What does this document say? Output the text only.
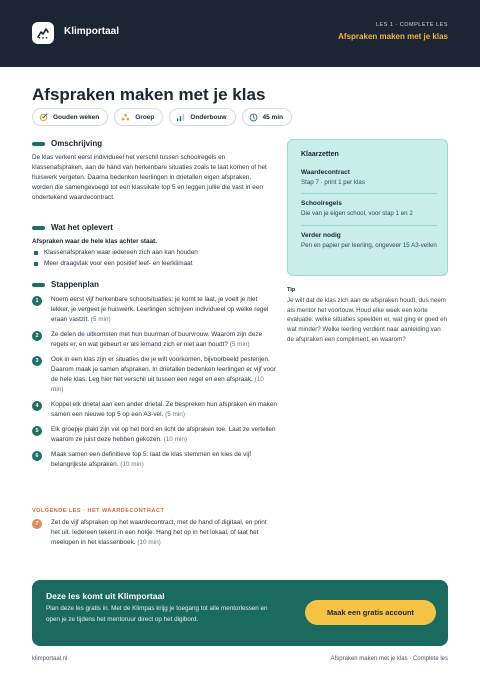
Klimportaal
LES 1 · COMPLETE LES
Afspraken maken met je klas
Afspraken maken met je klas
Gouden weken	Groep	Onderbouw	45 min
Omschrijving
De klas verkent eerst individueel het verschil tussen schoolregels en klassenafspraken, aan de hand van herkenbare situaties zoals te laat komen of het huiswerk vergeten. Daarna bedenken leerlingen in drietallen eigen afspraken, worden die samengevoegd tot een klassikale top 5 en leggen jullie die vast in een ondertekend waardecontract.
Wat het oplevert
Afspraken waar de hele klas achter staat.
Klassenafspraken waar iedereen zich aan kan houden
Meer draagvlak voor een positief leef- en leerklimaat
Stappenplan
1	Noem eerst vijf herkenbare schoolsituaties: je komt te laat, je voelt je niet lekker, je vergeet je huiswerk. Leerlingen schrijven individueel op welke regel eraan vastzit. (5 min)
2	Ze delen de uitkomsten met hun buurman of buurvrouw. Waarom zijn deze regels er, en wat gebeurt er als iemand zich er niet aan houdt? (5 min)
3	Ook in een klas zijn er situaties die je wilt voorkomen, bijvoorbeeld pesterijen. Daarom maak je samen afspraken. In drietallen bedenken leerlingen er vijf voor de hele klas. Leg hier het verschil uit tussen een regel en een afspraak. (10 min)
4	Koppel elk drietal aan een ander drietal. Ze bespreken hun afspraken en maken samen een nieuwe top 5 op een A3-vel. (5 min)
5	Elk groepje plakt zijn vel op het bord en licht de afspraken toe. Laat ze vertellen waarom ze juist deze hebben gekozen. (10 min)
6	Maak samen een definitieve top 5: laat de klas stemmen en kies de vijf belangrijkste afspraken. (10 min)
VOLGENDE LES · HET WAARDECONTRACT
7	Zet de vijf afspraken op het waardecontract, met de hand of digitaal, en print het uit. Iedereen tekent in een hokje. Hang het op in het lokaal, of laat het meelopen in het klassenboek. (10 min)
Klaarzetten
Waardecontract
Stap 7 · print 1 per klas
Schoolregels
Die van je eigen school, voor stap 1 en 2
Verder nodig
Pen en papier per leerling, ongeveer 15 A3-vellen
Tip
Je wilt dat de klas zich aan de afspraken houdt, dus neem als mentor het voortouw. Houd elke week een korte evaluatie: welke situaties speelden er, wat ging er goed en wat minder? Welke leerling verdient naar aanleiding van de afspraken een compliment, en waarom?
Deze les komt uit Klimportaal
Plan deze les gratis in. Met de Klimpas krijg je toegang tot alle mentorlessen en open je ze tijdens het mentoruur direct op het digibord.
Maak een gratis account
klimportaal.nl	Afspraken maken met je klas · Complete les
